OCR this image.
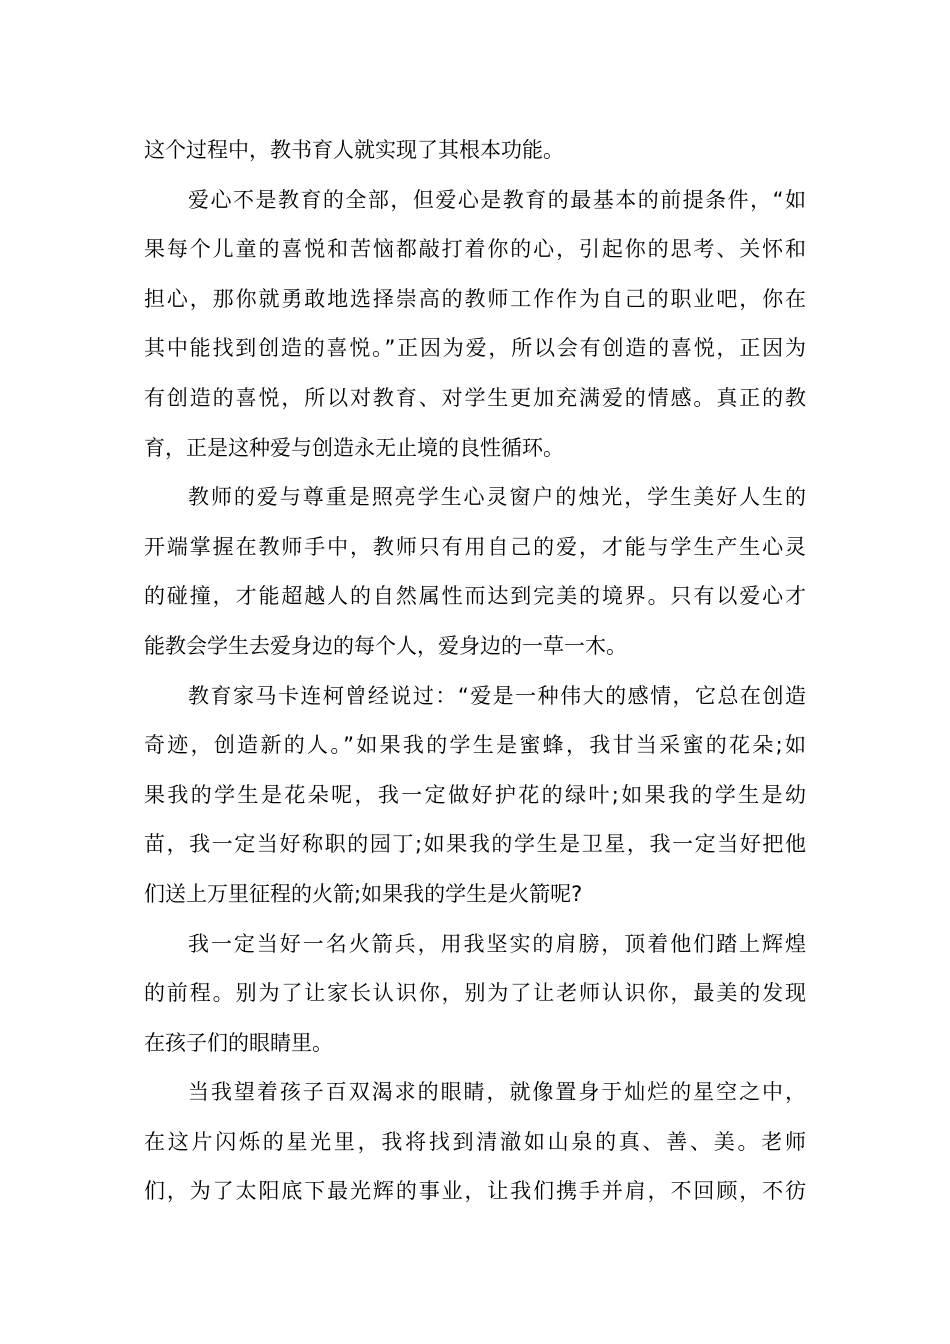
这个过程中，教书育人就实现了其根本功能。
爱心不是教育的全部，但爱心是教育的最基本的前提条件，“如
果每个儿童的喜悦和苦恼都敲打着你的心，引起你的思考、关怀和
担心，那你就勇敢地选择崇高的教师工作作为自己的职业吧，你在
其中能找到创造的喜悦。”正因为爱，所以会有创造的喜悦，正因为
有创造的喜悦，所以对教育、对学生更加充满爱的情感。真正的教
育，正是这种爱与创造永无止境的良性循环。
教师的爱与尊重是照亮学生心灵窗户的烛光，学生美好人生的
开端掌握在教师手中，教师只有用自己的爱，才能与学生产生心灵
的碰撞，才能超越人的自然属性而达到完美的境界。只有以爱心才
能教会学生去爱身边的每个人，爱身边的一草一木。
教育家马卡连柯曾经说过：“爱是一种伟大的感情，它总在创造
奇迹，创造新的人。”如果我的学生是蜜蜂，我甘当采蜜的花朵;如
果我的学生是花朵呢，我一定做好护花的绿叶;如果我的学生是幼
苗，我一定当好称职的园丁;如果我的学生是卫星，我一定当好把他
们送上万里征程的火箭;如果我的学生是火箭呢?
我一定当好一名火箭兵，用我坚实的肩膀，顶着他们踏上辉煌
的前程。别为了让家长认识你，别为了让老师认识你，最美的发现
在孩子们的眼睛里。
当我望着孩子百双渴求的眼睛，就像置身于灿烂的星空之中，
在这片闪烁的星光里，我将找到清澈如山泉的真、善、美。老师
们，为了太阳底下最光辉的事业，让我们携手并肩，不回顾，不彷
